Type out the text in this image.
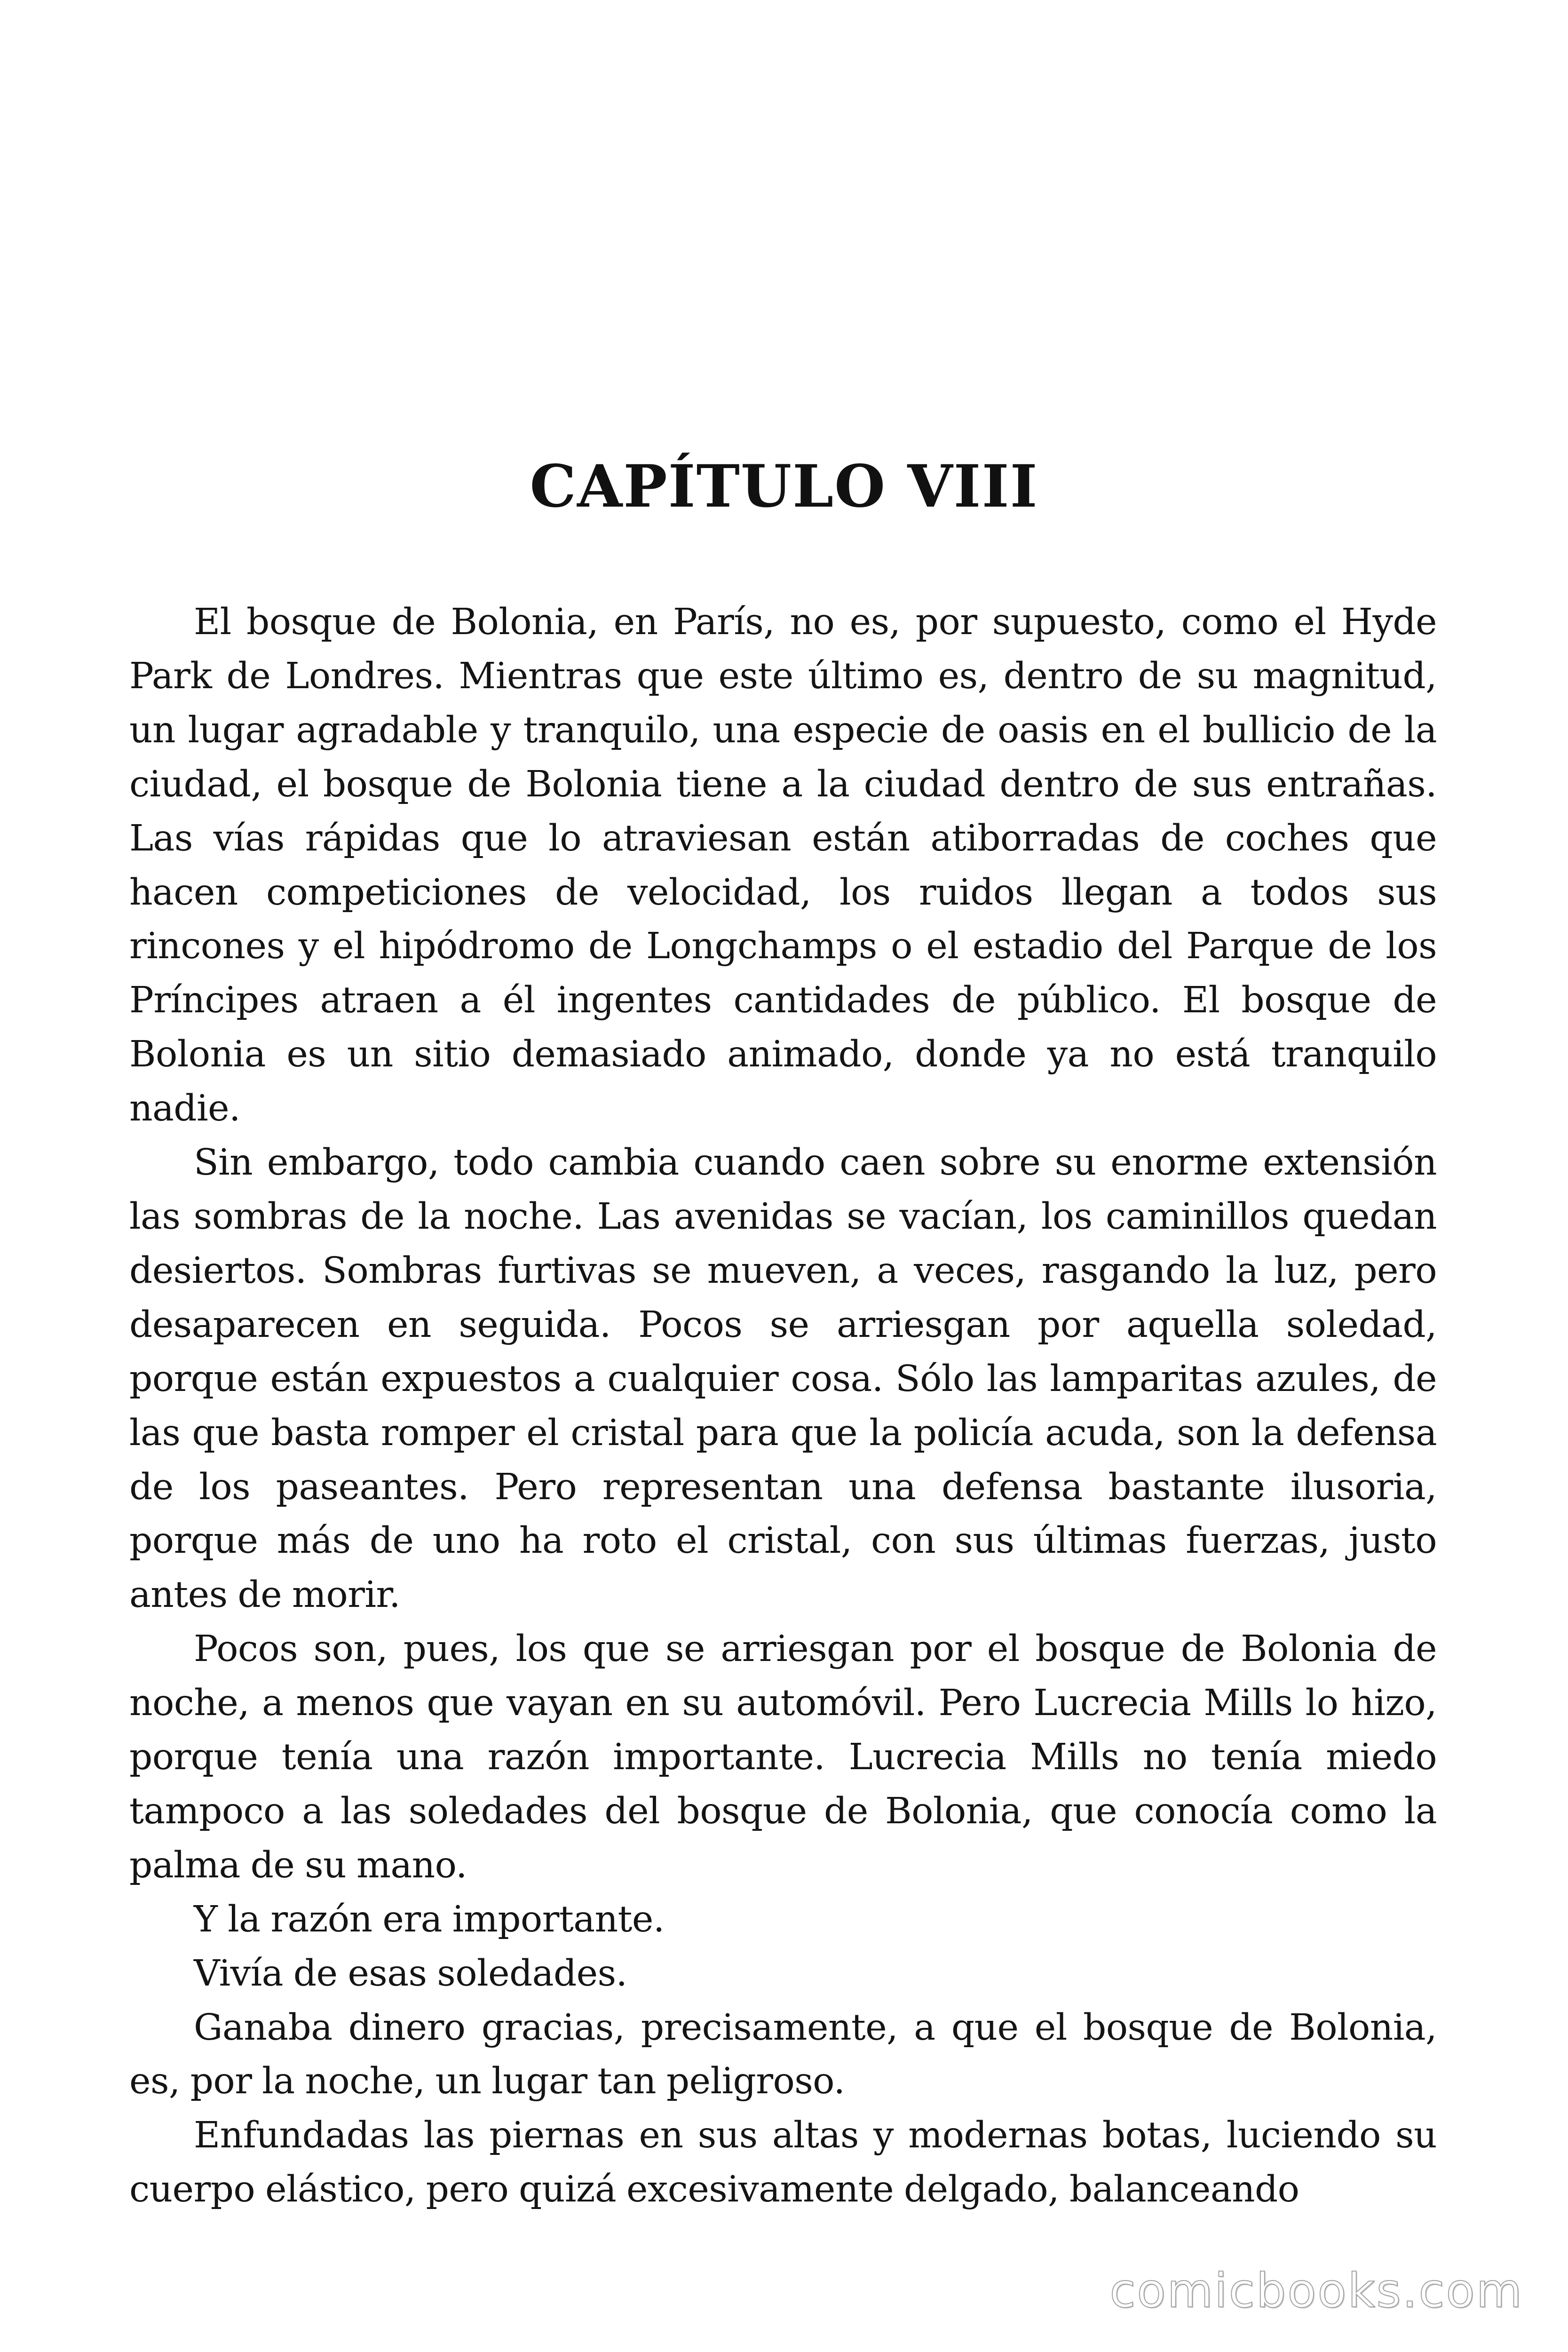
CAPÍTULO VIII

El bosque de Bolonia, en París, no es, por supuesto, como el Hyde Park de Londres. Mientras que este último es, dentro de su magnitud, un lugar agradable y tranquilo, una especie de oasis en el bullicio de la ciudad, el bosque de Bolonia tiene a la ciudad dentro de sus entrañas. Las vías rápidas que lo atraviesan están atiborradas de coches que hacen competiciones de velocidad, los ruidos llegan a todos sus rincones y el hipódromo de Longchamps o el estadio del Parque de los Príncipes atraen a él ingentes cantidades de público. El bosque de Bolonia es un sitio demasiado animado, donde ya no está tranquilo nadie.

Sin embargo, todo cambia cuando caen sobre su enorme extensión las sombras de la noche. Las avenidas se vacían, los caminillos quedan desiertos. Sombras furtivas se mueven, a veces, rasgando la luz, pero desaparecen en seguida. Pocos se arriesgan por aquella soledad, porque están expuestos a cualquier cosa. Sólo las lamparitas azules, de las que basta romper el cristal para que la policía acuda, son la defensa de los paseantes. Pero representan una defensa bastante ilusoria, porque más de uno ha roto el cristal, con sus últimas fuerzas, justo antes de morir.

Pocos son, pues, los que se arriesgan por el bosque de Bolonia de noche, a menos que vayan en su automóvil. Pero Lucrecia Mills lo hizo, porque tenía una razón importante. Lucrecia Mills no tenía miedo tampoco a las soledades del bosque de Bolonia, que conocía como la palma de su mano.

Y la razón era importante.

Vivía de esas soledades.

Ganaba dinero gracias, precisamente, a que el bosque de Bolonia, es, por la noche, un lugar tan peligroso.

Enfundadas las piernas en sus altas y modernas botas, luciendo su cuerpo elástico, pero quizá excesivamente delgado, balanceando

comicbooks.com
